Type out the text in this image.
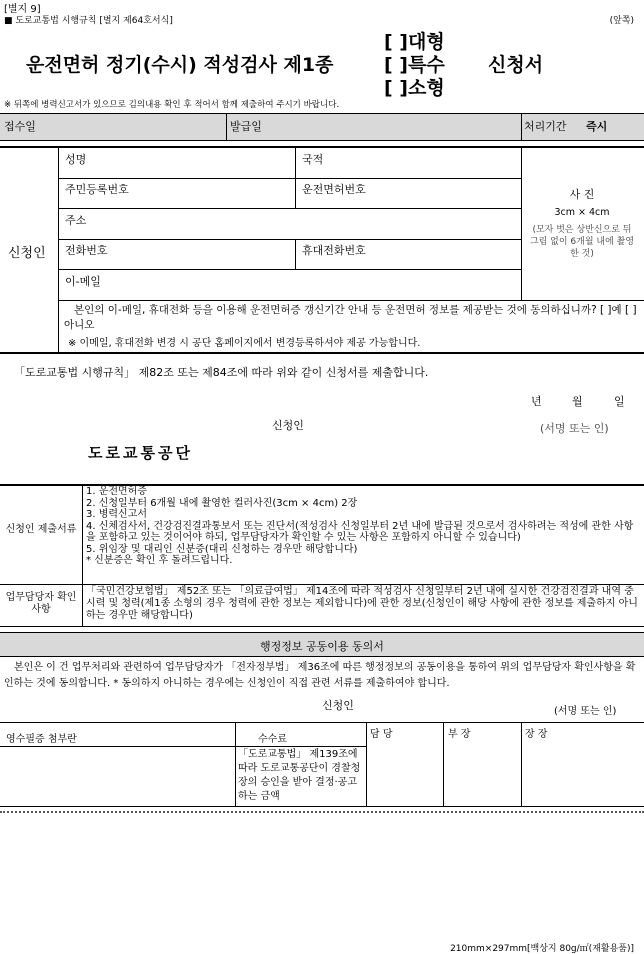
[별지 9]
■ 도로교통법 시행규칙 [별지 제64호서식]	(앞쪽)
운전면허 정기(수시) 적성검사 제1종
[ ]대형
[ ]특수
[ ]소형
신청서
※ 뒤쪽에 병력신고서가 있으므로 김의내용 확인 후 적어서 함께 제출하여 주시기 바랍니다.
접수일	발급일	처리기간 즉시
신청인
성명	국적
주민등록번호	운전면허번호
주소
전화번호	휴대전화번호
이-메일
사 진
3cm × 4cm
(모자 벗은 상반신으로 뒤 그림 없이 6개월 내에 촬영한 것)
본인의 이-메일, 휴대전화 등을 이용해 운전면허증 갱신기간 안내 등 운전면허 정보를 제공받는 것에 동의하십니까? [ ]예 [ ]아니오
※ 이메일, 휴대전화 변경 시 공단 홈페이지에서 변경등록하셔야 제공 가능합니다.
「도로교통법 시행규칙」 제82조 또는 제84조에 따라 위와 같이 신청서를 제출합니다.
년	월	일
신청인	(서명 또는 인)
도로교통공단
신청인 제출서류
1. 운전면허증
2. 신청일부터 6개월 내에 촬영한 컬러사진(3cm × 4cm) 2장
3. 병력신고서
4. 신체검사서, 건강검진결과통보서 또는 진단서(적성검사 신청일부터 2년 내에 발급된 것으로서 검사하려는 적성에 관한 사항을 포함하고 있는 것이어야 하되, 업무담당자가 확인할 수 있는 사항은 포함하지 아니할 수 있습니다)
5. 위임장 및 대리인 신분증(대리 신청하는 경우만 해당합니다)
* 신분증은 확인 후 돌려드립니다.
업무담당자 확인사항
「국민건강보험법」 제52조 또는 「의료급여법」 제14조에 따라 적성검사 신청일부터 2년 내에 실시한 건강검진결과 내역 중 시력 및 청력(제1종 소형의 경우 청력에 관한 정보는 제외합니다)에 관한 정보(신청인이 해당 사항에 관한 정보를 제출하지 아니하는 경우만 해당합니다)
행정정보 공동이용 동의서
본인은 이 건 업무처리와 관련하여 업무담당자가 「전자정부법」 제36조에 따른 행정정보의 공동이용을 통하여 위의 업무담당자 확인사항을 확인하는 것에 동의합니다. * 동의하지 아니하는 경우에는 신청인이 직접 관련 서류를 제출하여야 합니다.
신청인	(서명 또는 인)
영수필증 첨부란	수수료
「도로교통법」 제139조에 따라 도로교통공단이 경찰청장의 승인을 받아 결정·공고하는 금액
담 당	부 장	장 장
210mm×297mm[백상지 80g/㎡(재활용품)]
